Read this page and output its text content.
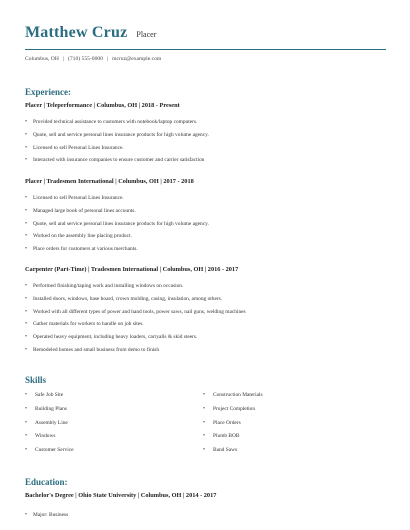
Matthew Cruz Placer
Columbus, OH | (710) 555-0000 | mcruz@example.com
Experience:
Placer | Teleperformance | Columbus, OH | 2018 - Present
• Provided technical assistance to customers with notebook/laptop computers.
• Quote, sell and service personal lines insurance products for high volume agency.
• Licensed to sell Personal Lines Insurance.
• Interacted with insurance companies to ensure customer and carrier satisfaction
Placer | Tradesmen International | Columbus, OH | 2017 - 2018
• Licensed to sell Personal Lines Insurance.
• Managed large book of personal lines accounts.
• Quote, sell and service personal lines insurance products for high volume agency.
• Worked on the assembly line placing product.
• Place orders for customers at various merchants.
Carpenter (Part-Time) | Tradesmen International | Columbus, OH | 2016 - 2017
• Performed finishing/taping work and installing windows on occasion.
• Installed doors, windows, base board, crown molding, casing, insulation, among others.
• Worked with all different types of power and hand tools, power saws, nail guns, welding machines
• Gather materials for workers to handle on job sites.
• Operated heavy equipment, including heavy loaders, carryalls & skid steers.
• Remodeled homes and small business from demo to finish
Skills
• Safe Job Site
• Building Plans
• Assembly Line
• Windows
• Customer Service
• Construction Materials
• Project Completion
• Place Orders
• Plumb BOB
• Band Saws
Education:
Bachelor's Degree | Ohio State University | Columbus, OH | 2014 - 2017
• Major: Business
